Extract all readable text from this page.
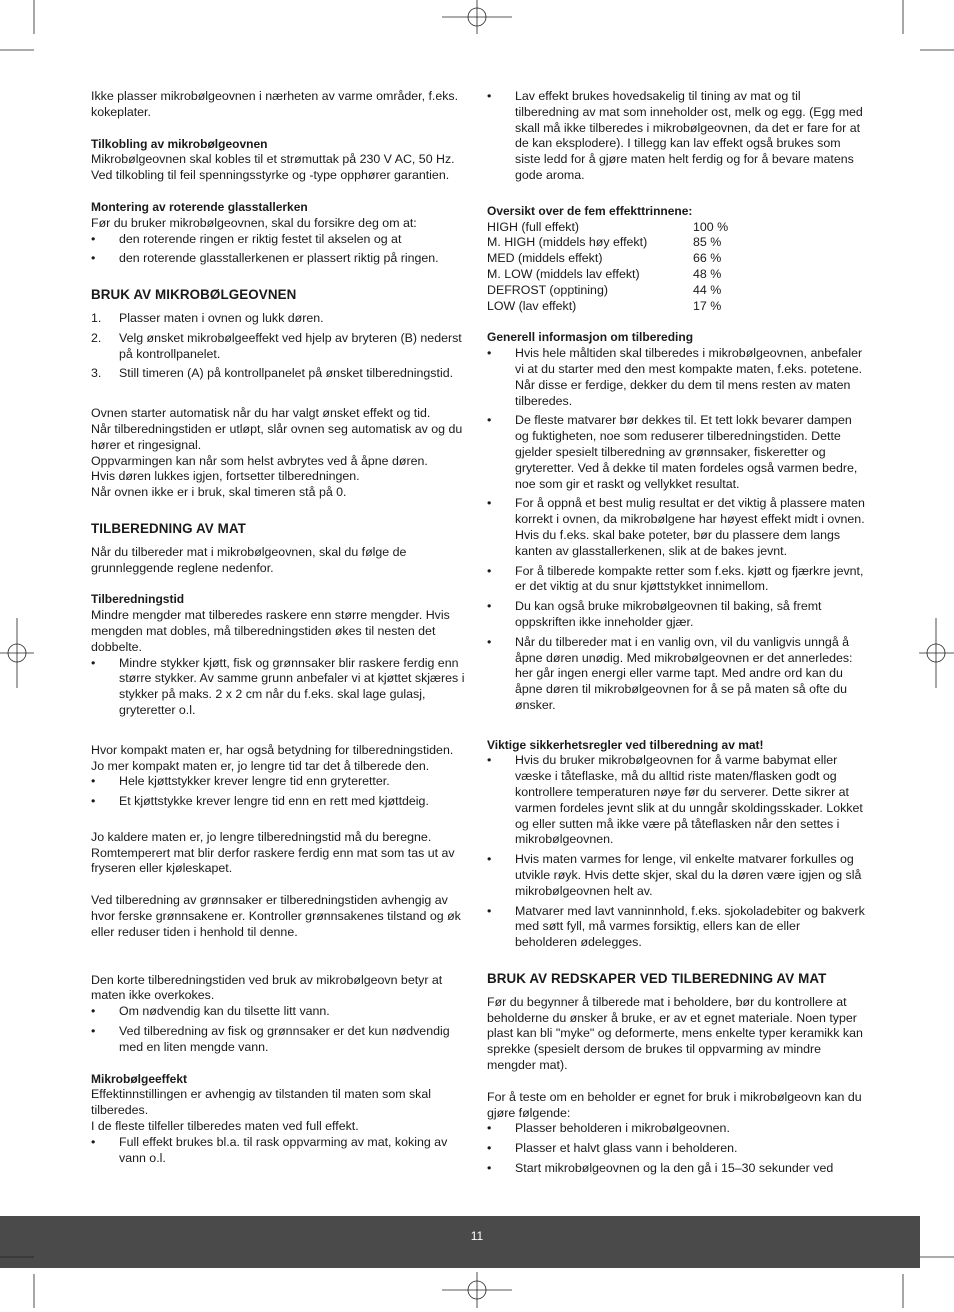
Ikke plasser mikrobølgeovnen i nærheten av varme områder, f.eks. kokeplater.

Tilkobling av mikrobølgeovnen

Mikrobølgeovnen skal kobles til et strømuttak på 230 V AC, 50 Hz. Ved tilkobling til feil spenningsstyrke og -type opphører garantien.

Montering av roterende glasstallerken

Før du bruker mikrobølgeovnen, skal du forsikre deg om at:

• den roterende ringen er riktig festet til akselen og at
• den roterende glasstallerkenen er plassert riktig på ringen.

BRUK AV MIKROBØLGEOVNEN

1. Plasser maten i ovnen og lukk døren.
2. Velg ønsket mikrobølgeeffekt ved hjelp av bryteren (B) nederst på kontrollpanelet.
3. Still timeren (A) på kontrollpanelet på ønsket tilberedningstid.

Ovnen starter automatisk når du har valgt ønsket effekt og tid.

Når tilberedningstiden er utløpt, slår ovnen seg automatisk av og du hører et ringesignal.

Oppvarmingen kan når som helst avbrytes ved å åpne døren.

Hvis døren lukkes igjen, fortsetter tilberedningen.

Når ovnen ikke er i bruk, skal timeren stå på 0.

TILBEREDNING AV MAT

Når du tilbereder mat i mikrobølgeovnen, skal du følge de grunnleggende reglene nedenfor.

Tilberedningstid

Mindre mengder mat tilberedes raskere enn større mengder. Hvis mengden mat dobles, må tilberedningstiden økes til nesten det dobbelte.

• Mindre stykker kjøtt, fisk og grønnsaker blir raskere ferdig enn større stykker. Av samme grunn anbefaler vi at kjøttet skjæres i stykker på maks. 2 x 2 cm når du f.eks. skal lage gulasj, gryteretter o.l.

Hvor kompakt maten er, har også betydning for tilberedningstiden. Jo mer kompakt maten er, jo lengre tid tar det å tilberede den.

• Hele kjøttstykker krever lengre tid enn gryteretter.
• Et kjøttstykke krever lengre tid enn en rett med kjøttdeig.

Jo kaldere maten er, jo lengre tilberedningstid må du beregne. Romtemperert mat blir derfor raskere ferdig enn mat som tas ut av fryseren eller kjøleskapet.

Ved tilberedning av grønnsaker er tilberedningstiden avhengig av hvor ferske grønnsakene er. Kontroller grønnsakenes tilstand og øk eller reduser tiden i henhold til denne.

Den korte tilberedningstiden ved bruk av mikrobølgeovn betyr at maten ikke overkokes.

• Om nødvendig kan du tilsette litt vann.
• Ved tilberedning av fisk og grønnsaker er det kun nødvendig med en liten mengde vann.

Mikrobølgeeffekt

Effektinnstillingen er avhengig av tilstanden til maten som skal tilberedes.

I de fleste tilfeller tilberedes maten ved full effekt.

• Full effekt brukes bl.a. til rask oppvarming av mat, koking av vann o.l.
• Lav effekt brukes hovedsakelig til tining av mat og til tilberedning av mat som inneholder ost, melk og egg. (Egg med skall må ikke tilberedes i mikrobølgeovnen, da det er fare for at de kan eksplodere). I tillegg kan lav effekt også brukes som siste ledd for å gjøre maten helt ferdig og for å bevare matens gode aroma.

Oversikt over de fem effekttrinnene:

HIGH (full effekt)	100 %
M. HIGH (middels høy effekt)	85 %
MED (middels effekt)	66 %
M. LOW (middels lav effekt)	48 %
DEFROST (opptining)	44 %
LOW (lav effekt)	17 %

Generell informasjon om tilbereding

• Hvis hele måltiden skal tilberedes i mikrobølgeovnen, anbefaler vi at du starter med den mest kompakte maten, f.eks. potetene. Når disse er ferdige, dekker du dem til mens resten av maten tilberedes.
• De fleste matvarer bør dekkes til. Et tett lokk bevarer dampen og fuktigheten, noe som reduserer tilberedningstiden. Dette gjelder spesielt tilberedning av grønnsaker, fiskeretter og gryteretter. Ved å dekke til maten fordeles også varmen bedre, noe som gir et raskt og vellykket resultat.
• For å oppnå et best mulig resultat er det viktig å plassere maten korrekt i ovnen, da mikrobølgene har høyest effekt midt i ovnen. Hvis du f.eks. skal bake poteter, bør du plassere dem langs kanten av glasstallerkenen, slik at de bakes jevnt.
• For å tilberede kompakte retter som f.eks. kjøtt og fjærkre jevnt, er det viktig at du snur kjøttstykket innimellom.
• Du kan også bruke mikrobølgeovnen til baking, så fremt oppskriften ikke inneholder gjær.
• Når du tilbereder mat i en vanlig ovn, vil du vanligvis unngå å åpne døren unødig. Med mikrobølgeovnen er det annerledes: her går ingen energi eller varme tapt. Med andre ord kan du åpne døren til mikrobølgeovnen for å se på maten så ofte du ønsker.

Viktige sikkerhetsregler ved tilberedning av mat!

• Hvis du bruker mikrobølgeovnen for å varme babymat eller væske i tåteflaske, må du alltid riste maten/flasken godt og kontrollere temperaturen nøye før du serverer. Dette sikrer at varmen fordeles jevnt slik at du unngår skoldingsskader. Lokket og eller sutten må ikke være på tåteflasken når den settes i mikrobølgeovnen.
• Hvis maten varmes for lenge, vil enkelte matvarer forkulles og utvikle røyk. Hvis dette skjer, skal du la døren være igjen og slå mikrobølgeovnen helt av.
• Matvarer med lavt vanninnhold, f.eks. sjokoladebiter og bakverk med søtt fyll, må varmes forsiktig, ellers kan de eller beholderen ødelegges.

BRUK AV REDSKAPER VED TILBEREDNING AV MAT

Før du begynner å tilberede mat i beholdere, bør du kontrollere at beholderne du ønsker å bruke, er av et egnet materiale. Noen typer plast kan bli "myke" og deformerte, mens enkelte typer keramikk kan sprekke (spesielt dersom de brukes til oppvarming av mindre mengder mat).

For å teste om en beholder er egnet for bruk i mikrobølgeovn kan du gjøre følgende:

• Plasser beholderen i mikrobølgeovnen.
• Plasser et halvt glass vann i beholderen.
• Start mikrobølgeovnen og la den gå i 15–30 sekunder ved
11
